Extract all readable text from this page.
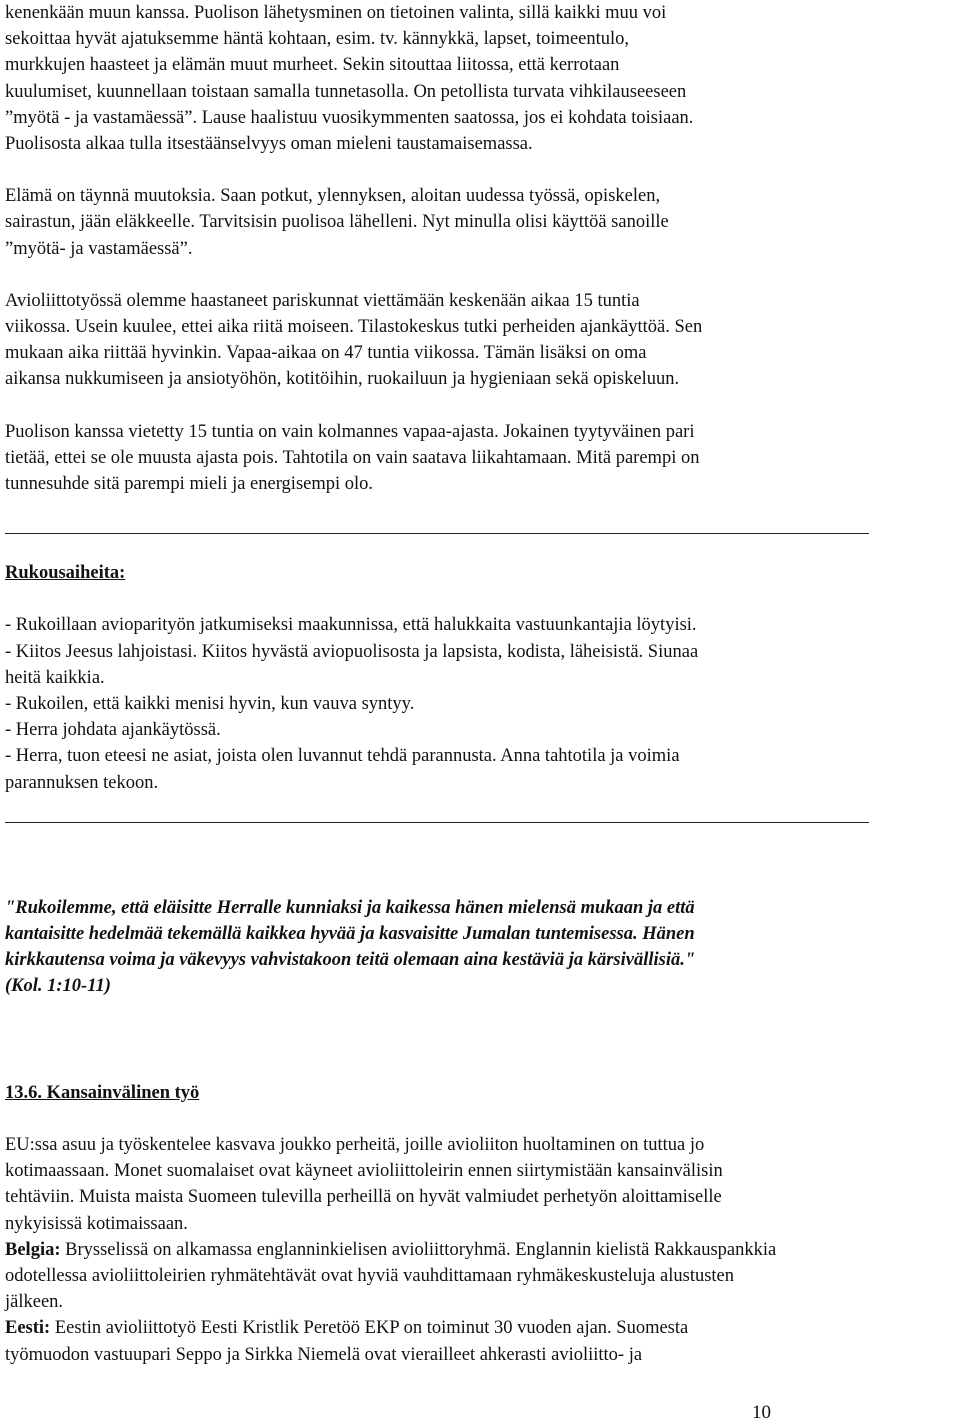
kenenkään muun kanssa. Puolison lähetysminen on tietoinen valinta, sillä kaikki muu voi

sekoittaa hyvät ajatuksemme häntä kohtaan, esim. tv. kännykkä, lapset, toimeentulo,

murkkujen haasteet ja elämän muut murheet. Sekin sitouttaa liitossa, että kerrotaan

kuulumiset, kuunnellaan toistaan samalla tunnetasolla. On petollista turvata vihkilauseeseen

”myötä - ja vastamäessä”. Lause haalistuu vuosikymmenten saatossa, jos ei kohdata toisiaan.

Puolisosta alkaa tulla itsestäänselvyys oman mieleni taustamaisemassa.

Elämä on täynnä muutoksia. Saan potkut, ylennyksen, aloitan uudessa työssä, opiskelen,

sairastun, jään eläkkeelle. Tarvitsisin puolisoa lähelleni. Nyt minulla olisi käyttöä sanoille

”myötä- ja vastamäessä”.

Avioliittotyössä olemme haastaneet pariskunnat viettämään keskenään aikaa 15 tuntia

viikossa. Usein kuulee, ettei aika riitä moiseen. Tilastokeskus tutki perheiden ajankäyttöä. Sen

mukaan aika riittää hyvinkin. Vapaa-aikaa on 47 tuntia viikossa. Tämän lisäksi on oma

aikansa nukkumiseen ja ansiotyöhön, kotitöihin, ruokailuun ja hygieniaan sekä opiskeluun.

Puolison kanssa vietetty 15 tuntia on vain kolmannes vapaa-ajasta. Jokainen tyytyväinen pari

tietää, ettei se ole muusta ajasta pois. Tahtotila on vain saatava liikahtamaan. Mitä parempi on

tunnesuhde sitä parempi mieli ja energisempi olo.

Rukousaiheita:

- Rukoillaan avioparityön jatkumiseksi maakunnissa, että halukkaita vastuunkantajia löytyisi.

- Kiitos Jeesus lahjoistasi. Kiitos hyvästä aviopuolisosta ja lapsista, kodista, läheisistä. Siunaa

heitä kaikkia.

- Rukoilen, että kaikki menisi hyvin, kun vauva syntyy.

- Herra johdata ajankäytössä.

- Herra, tuon eteesi ne asiat, joista olen luvannut tehdä parannusta. Anna tahtotila ja voimia

parannuksen tekoon.

"Rukoilemme, että eläisitte Herralle kunniaksi ja kaikessa hänen mielensä mukaan ja että

kantaisitte hedelmää tekemällä kaikkea hyvää ja kasvaisitte Jumalan tuntemisessa. Hänen

kirkkautensa voima ja väkevyys vahvistakoon teitä olemaan aina kestäviä ja kärsivällisiä."

(Kol. 1:10-11)

13.6. Kansainvälinen työ

EU:ssa asuu ja työskentelee kasvava joukko perheitä, joille avioliiton huoltaminen on tuttua jo

kotimaassaan. Monet suomalaiset ovat käyneet avioliittoleirin ennen siirtymistään kansainvälisin

tehtäviin. Muista maista Suomeen tulevilla perheillä on hyvät valmiudet perhetyön aloittamiselle

nykyisissä kotimaissaan.

Belgia: Brysselissä on alkamassa englanninkielisen avioliittoryhmä. Englannin kielistä Rakkauspankkia

odotellessa avioliittoleirien ryhmätehtävät ovat hyviä vauhdittamaan ryhmäkeskusteluja alustusten

jälkeen.

Eesti: Eestin avioliittotyö Eesti Kristlik Peretöö EKP on toiminut 30 vuoden ajan. Suomesta

työmuodon vastuupari Seppo ja Sirkka Niemelä ovat vierailleet ahkerasti avioliitto- ja

10
